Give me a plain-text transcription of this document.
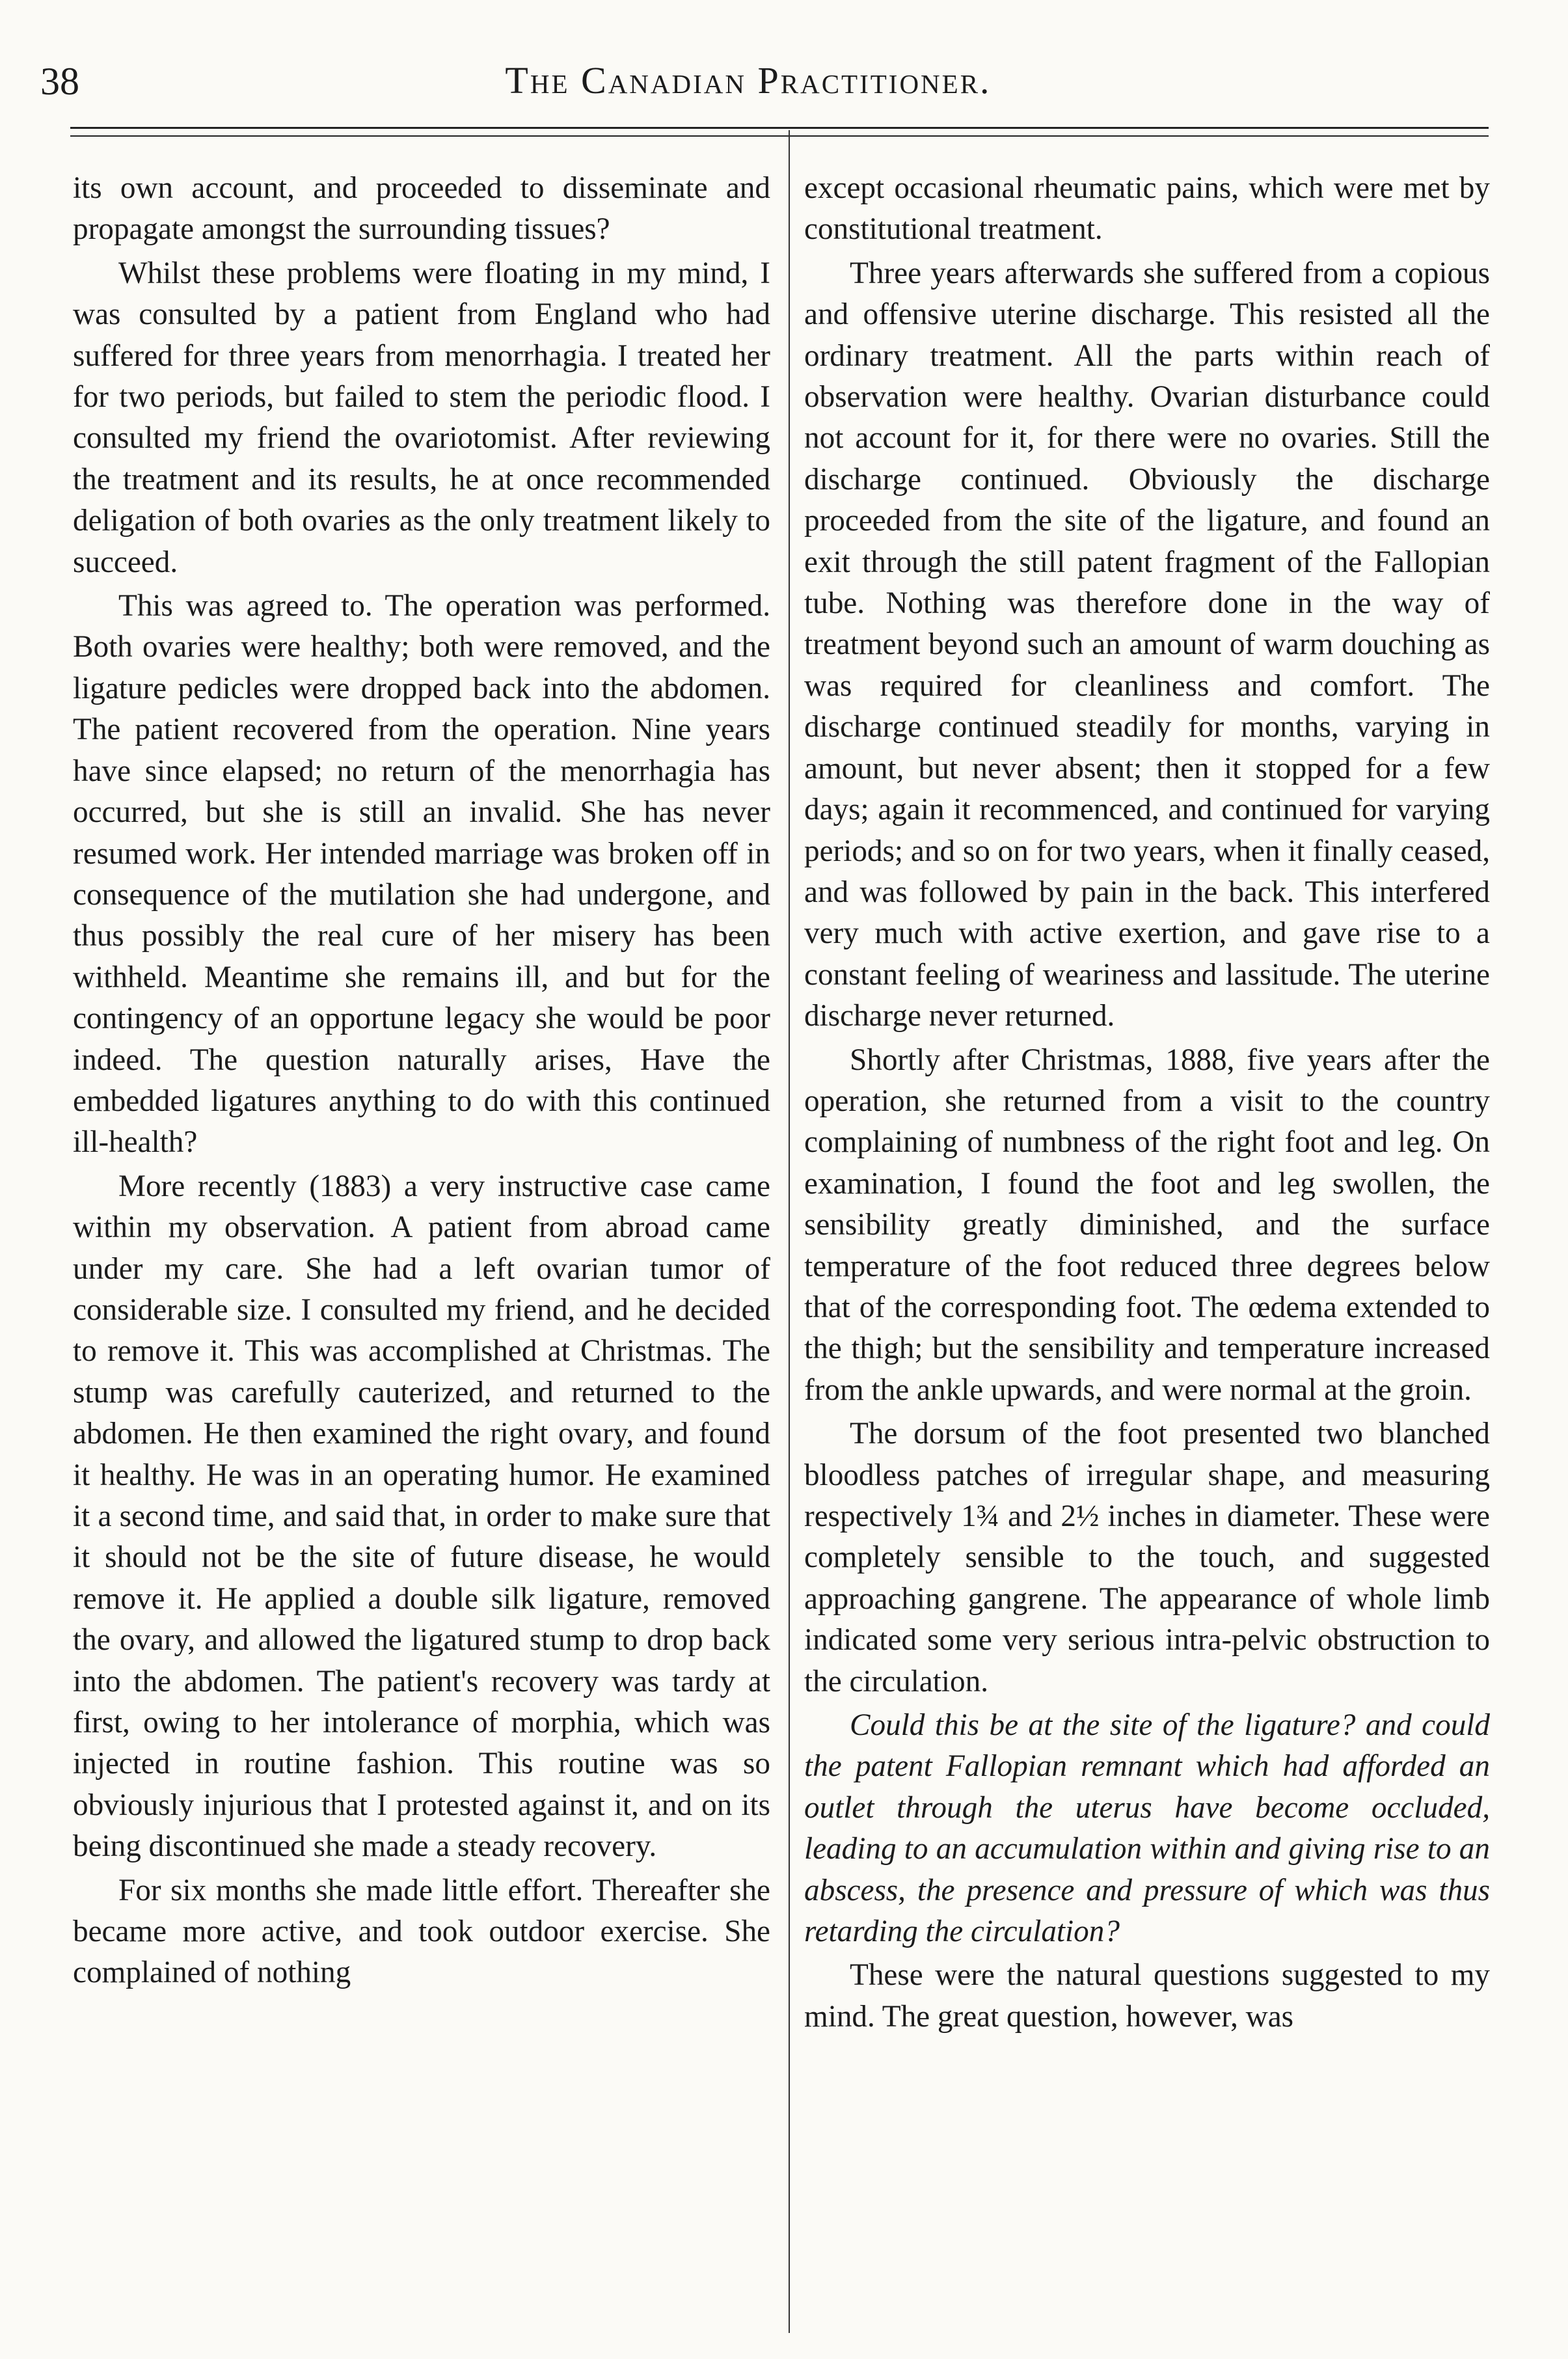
38	The Canadian Practitioner.

its own account, and proceeded to disseminate and propagate amongst the surrounding tissues?

Whilst these problems were floating in my mind, I was consulted by a patient from England who had suffered for three years from menorrhagia. I treated her for two periods, but failed to stem the periodic flood. I consulted my friend the ovariotomist. After reviewing the treatment and its results, he at once recommended deligation of both ovaries as the only treatment likely to succeed.

This was agreed to. The operation was performed. Both ovaries were healthy; both were removed, and the ligature pedicles were dropped back into the abdomen. The patient recovered from the operation. Nine years have since elapsed; no return of the menorrhagia has occurred, but she is still an invalid. She has never resumed work. Her intended marriage was broken off in consequence of the mutilation she had undergone, and thus possibly the real cure of her misery has been withheld. Meantime she remains ill, and but for the contingency of an opportune legacy she would be poor indeed. The question naturally arises, Have the embedded ligatures anything to do with this continued ill-health?

More recently (1883) a very instructive case came within my observation. A patient from abroad came under my care. She had a left ovarian tumor of considerable size. I consulted my friend, and he decided to remove it. This was accomplished at Christmas. The stump was carefully cauterized, and returned to the abdomen. He then examined the right ovary, and found it healthy. He was in an operating humor. He examined it a second time, and said that, in order to make sure that it should not be the site of future disease, he would remove it. He applied a double silk ligature, removed the ovary, and allowed the ligatured stump to drop back into the abdomen. The patient's recovery was tardy at first, owing to her intolerance of morphia, which was injected in routine fashion. This routine was so obviously injurious that I protested against it, and on its being discontinued she made a steady recovery.

For six months she made little effort. Thereafter she became more active, and took outdoor exercise. She complained of nothing

except occasional rheumatic pains, which were met by constitutional treatment.

Three years afterwards she suffered from a copious and offensive uterine discharge. This resisted all the ordinary treatment. All the parts within reach of observation were healthy. Ovarian disturbance could not account for it, for there were no ovaries. Still the discharge continued. Obviously the discharge proceeded from the site of the ligature, and found an exit through the still patent fragment of the Fallopian tube. Nothing was therefore done in the way of treatment beyond such an amount of warm douching as was required for cleanliness and comfort. The discharge continued steadily for months, varying in amount, but never absent; then it stopped for a few days; again it recommenced, and continued for varying periods; and so on for two years, when it finally ceased, and was followed by pain in the back. This interfered very much with active exertion, and gave rise to a constant feeling of weariness and lassitude. The uterine discharge never returned.

Shortly after Christmas, 1888, five years after the operation, she returned from a visit to the country complaining of numbness of the right foot and leg. On examination, I found the foot and leg swollen, the sensibility greatly diminished, and the surface temperature of the foot reduced three degrees below that of the corresponding foot. The œdema extended to the thigh; but the sensibility and temperature increased from the ankle upwards, and were normal at the groin.

The dorsum of the foot presented two blanched bloodless patches of irregular shape, and measuring respectively 1¾ and 2½ inches in diameter. These were completely sensible to the touch, and suggested approaching gangrene. The appearance of whole limb indicated some very serious intra-pelvic obstruction to the circulation.

Could this be at the site of the ligature? and could the patent Fallopian remnant which had afforded an outlet through the uterus have become occluded, leading to an accumulation within and giving rise to an abscess, the presence and pressure of which was thus retarding the circulation?

These were the natural questions suggested to my mind. The great question, however, was
